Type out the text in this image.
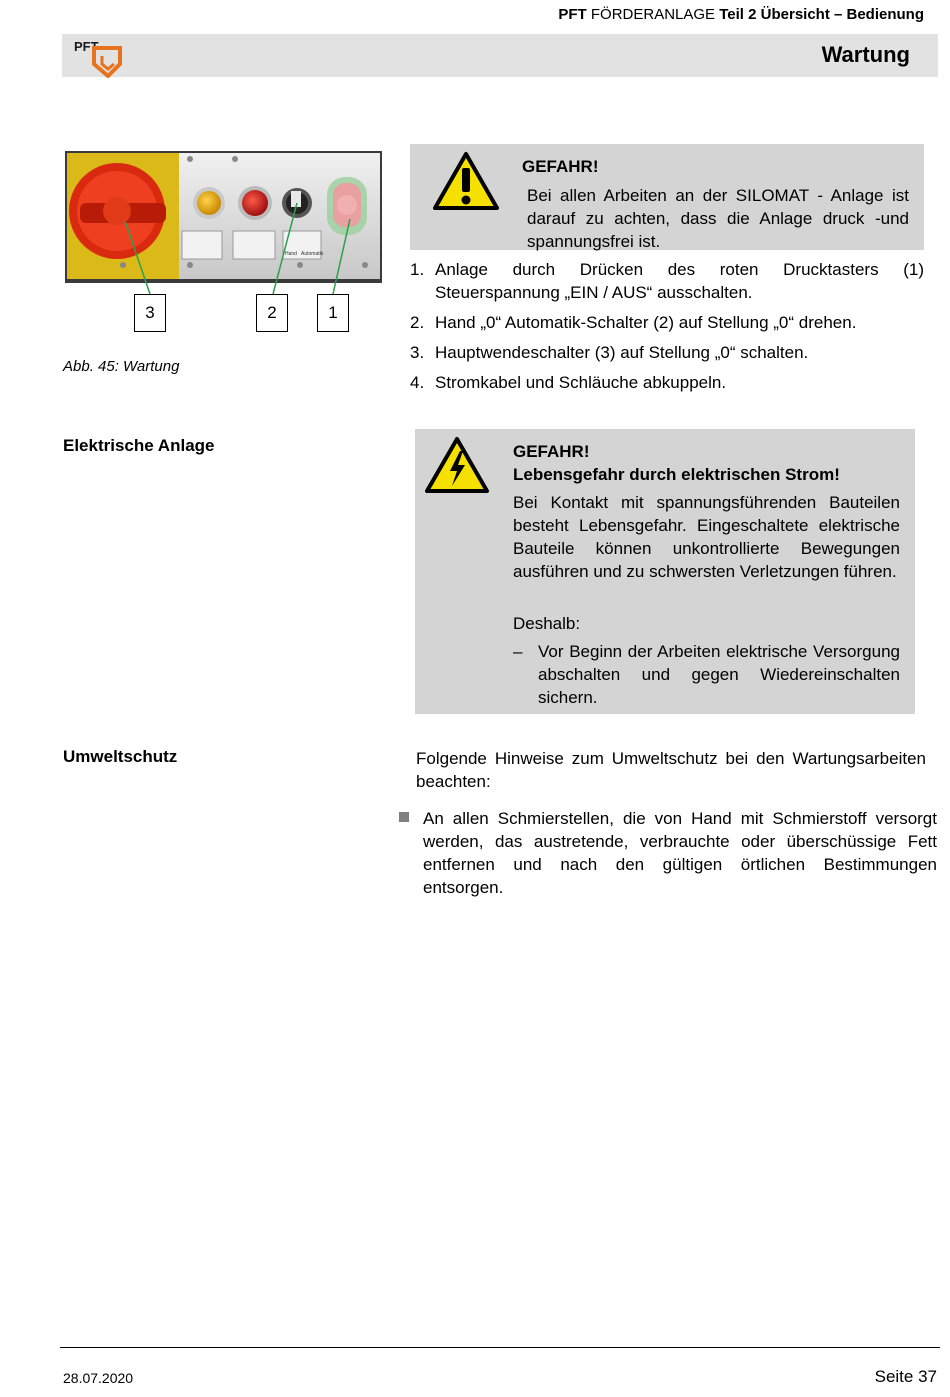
PFT FÖRDERANLAGE Teil 2 Übersicht – Bedienung
Wartung
PFT
Hand Automatik
3	2	1
Abb. 45: Wartung
GEFAHR!
Bei allen Arbeiten an der SILOMAT - Anlage ist darauf zu achten, dass die Anlage druck -und spannungsfrei ist.
1. Anlage durch Drücken des roten Drucktasters (1) Steuerspannung „EIN / AUS“ ausschalten.
2. Hand „0“ Automatik-Schalter (2) auf Stellung „0“ drehen.
3. Hauptwendeschalter (3) auf Stellung „0“ schalten.
4. Stromkabel und Schläuche abkuppeln.
Elektrische Anlage	GEFAHR!
Lebensgefahr durch elektrischen Strom!
Bei Kontakt mit spannungsführenden Bauteilen besteht Lebensgefahr. Eingeschaltete elektrische Bauteile können unkontrollierte Bewegungen ausführen und zu schwersten Verletzungen führen.
Deshalb:
– Vor Beginn der Arbeiten elektrische Versorgung abschalten und gegen Wiedereinschalten sichern.
Umweltschutz	Folgende Hinweise zum Umweltschutz bei den Wartungsarbeiten beachten:
An allen Schmierstellen, die von Hand mit Schmierstoff versorgt werden, das austretende, verbrauchte oder überschüssige Fett entfernen und nach den gültigen örtlichen Bestimmungen entsorgen.
28.07.2020	Seite 37
